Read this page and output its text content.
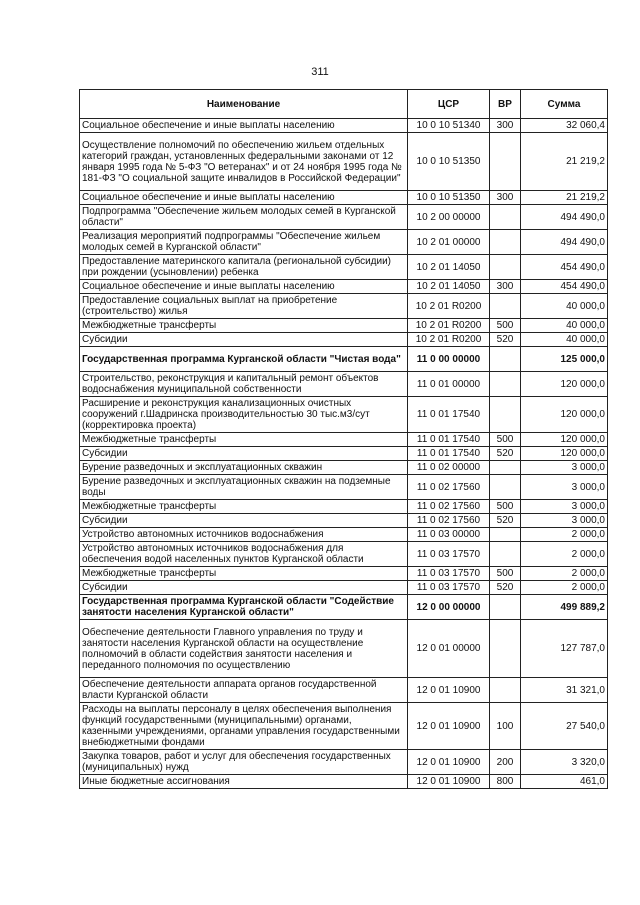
311
Наименование	ЦСР	ВР	Сумма
Социальное обеспечение и иные выплаты населению	10 0 10 51340	300	32 060,4
Осуществление полномочий по обеспечению жильем отдельных категорий граждан, установленных федеральными законами от 12 января 1995 года № 5-ФЗ "О ветеранах" и от 24 ноября 1995 года № 181-ФЗ "О социальной защите инвалидов в Российской Федерации"	10 0 10 51350		21 219,2
Социальное обеспечение и иные выплаты населению	10 0 10 51350	300	21 219,2
Подпрограмма "Обеспечение жильем молодых семей в Курганской области"	10 2 00 00000		494 490,0
Реализация мероприятий подпрограммы "Обеспечение жильем молодых семей в Курганской области"	10 2 01 00000		494 490,0
Предоставление материнского капитала (региональной субсидии) при рождении (усыновлении) ребенка	10 2 01 14050		454 490,0
Социальное обеспечение и иные выплаты населению	10 2 01 14050	300	454 490,0
Предоставление социальных выплат на приобретение (строительство) жилья	10 2 01 R0200		40 000,0
Межбюджетные трансферты	10 2 01 R0200	500	40 000,0
Субсидии	10 2 01 R0200	520	40 000,0
Государственная программа Курганской области "Чистая вода"	11 0 00 00000		125 000,0
Строительство, реконструкция и капитальный ремонт объектов водоснабжения муниципальной собственности	11 0 01 00000		120 000,0
Расширение и реконструкция канализационных очистных сооружений г.Шадринска производительностью 30 тыс.м3/сут (корректировка проекта)	11 0 01 17540		120 000,0
Межбюджетные трансферты	11 0 01 17540	500	120 000,0
Субсидии	11 0 01 17540	520	120 000,0
Бурение разведочных и эксплуатационных скважин	11 0 02 00000		3 000,0
Бурение разведочных и эксплуатационных скважин на подземные воды	11 0 02 17560		3 000,0
Межбюджетные трансферты	11 0 02 17560	500	3 000,0
Субсидии	11 0 02 17560	520	3 000,0
Устройство автономных источников водоснабжения	11 0 03 00000		2 000,0
Устройство автономных источников водоснабжения для обеспечения водой населенных пунктов Курганской области	11 0 03 17570		2 000,0
Межбюджетные трансферты	11 0 03 17570	500	2 000,0
Субсидии	11 0 03 17570	520	2 000,0
Государственная программа Курганской области "Содействие занятости населения Курганской области"	12 0 00 00000		499 889,2
Обеспечение деятельности Главного управления по труду и занятости населения Курганской области на осуществление полномочий в области содействия занятости населения и переданного полномочия по осуществлению	12 0 01 00000		127 787,0
Обеспечение деятельности аппарата органов государственной власти Курганской области	12 0 01 10900		31 321,0
Расходы на выплаты персоналу в целях обеспечения выполнения функций государственными (муниципальными) органами, казенными учреждениями, органами управления государственными внебюджетными фондами	12 0 01 10900	100	27 540,0
Закупка товаров, работ и услуг для обеспечения государственных (муниципальных) нужд	12 0 01 10900	200	3 320,0
Иные бюджетные ассигнования	12 0 01 10900	800	461,0
